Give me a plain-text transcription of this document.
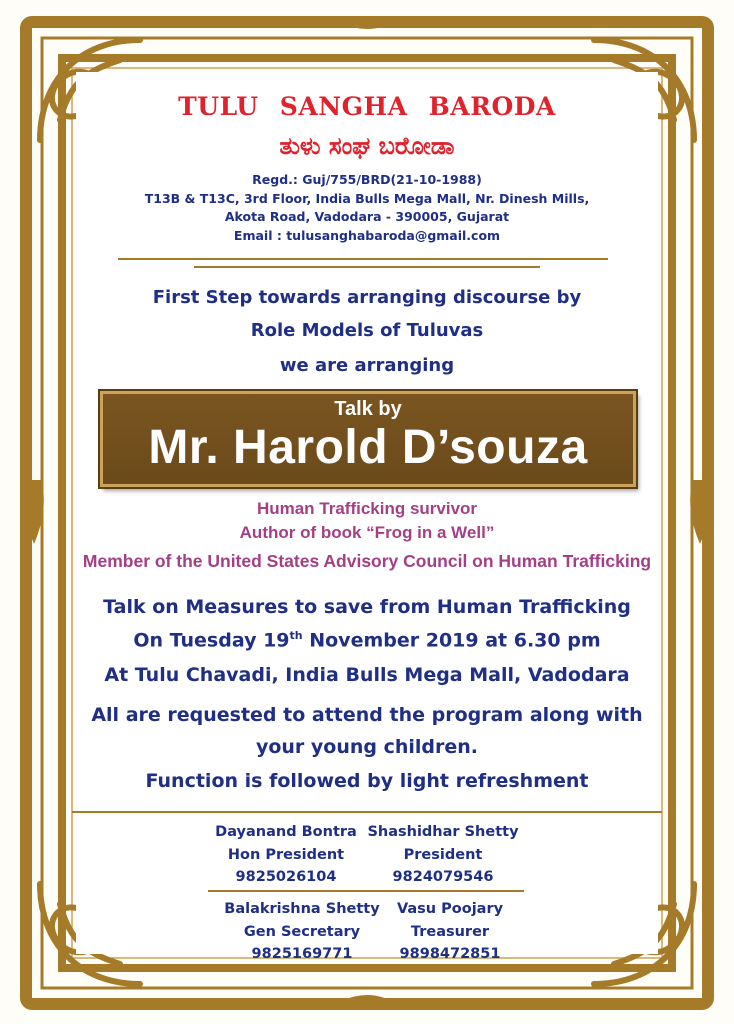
TULU SANGHA BARODA
ತುಳು ಸಂಘ ಬರೋಡಾ
Regd.: Guj/755/BRD(21-10-1988)
T13B & T13C, 3rd Floor, India Bulls Mega Mall, Nr. Dinesh Mills,
Akota Road, Vadodara - 390005, Gujarat
Email : tulusanghabaroda@gmail.com
First Step towards arranging discourse by
Role Models of Tuluvas
we are arranging
Talk by
Mr. Harold D’souza
Human Trafficking survivor
Author of book “Frog in a Well”
Member of the United States Advisory Council on Human Trafficking
Talk on Measures to save from Human Trafficking
On Tuesday 19th November 2019 at 6.30 pm
At Tulu Chavadi, India Bulls Mega Mall, Vadodara
All are requested to attend the program along with
your young children.
Function is followed by light refreshment
Dayanand Bontra
Hon President
9825026104
Shashidhar Shetty
President
9824079546
Balakrishna Shetty
Gen Secretary
9825169771
Vasu Poojary
Treasurer
9898472851
